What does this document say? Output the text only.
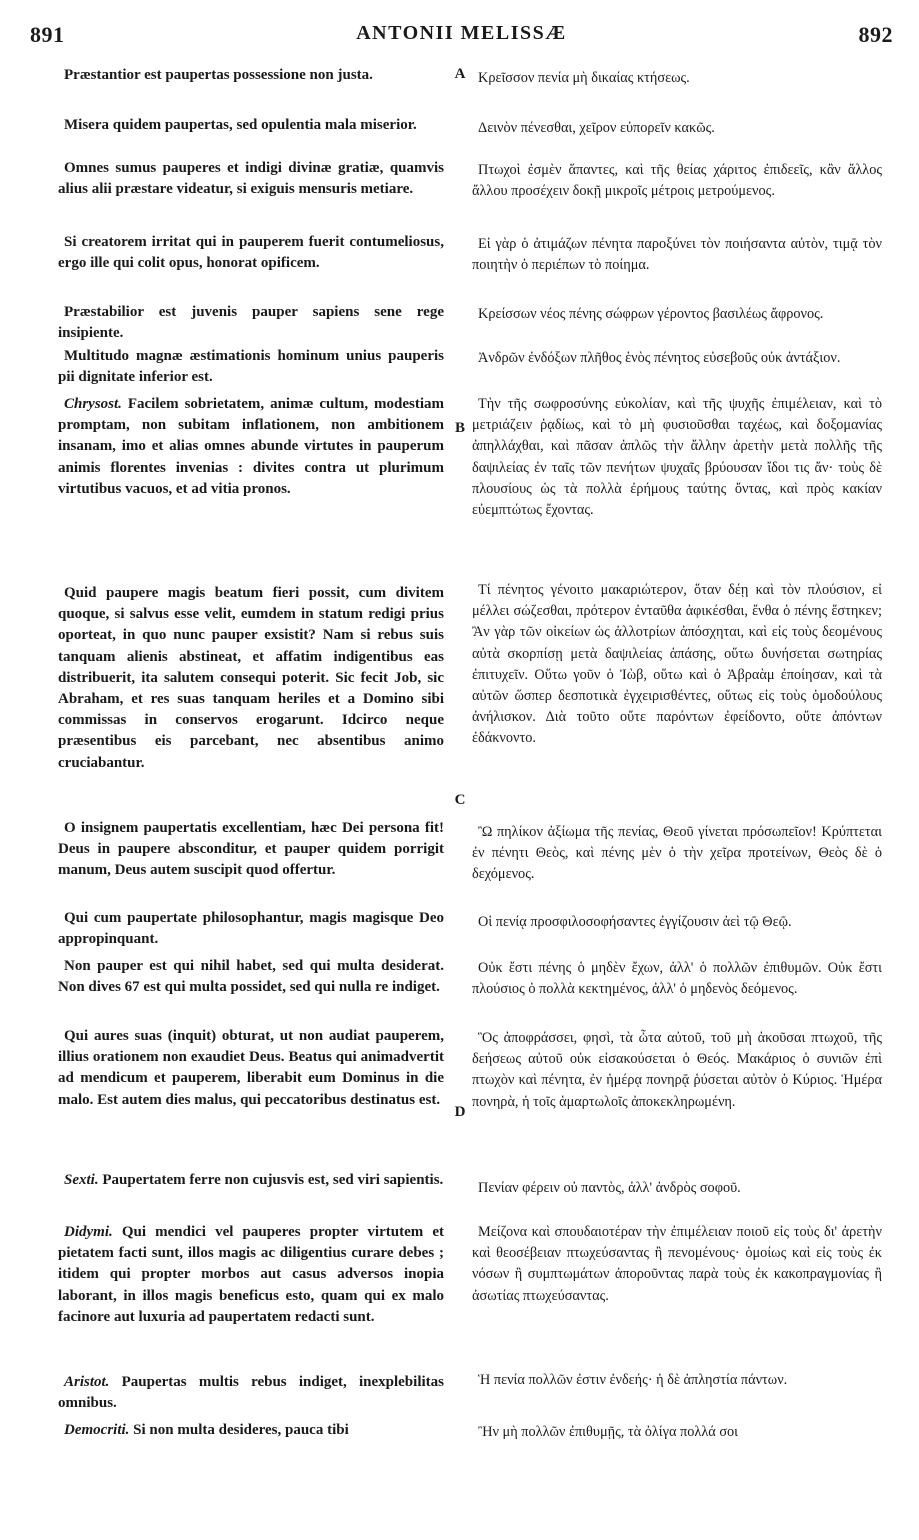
891	ANTONII MELISSÆ	892

Præstantior est paupertas possessione non justa.

Misera quidem paupertas, sed opulentia mala miserior.

Omnes sumus pauperes et indigi divinæ gratiæ, quamvis alius alii præstare videatur, si exiguis mensuris metiare.

Si creatorem irritat qui in pauperem fuerit contumeliosus, ergo ille qui colit opus, honorat opificem.

Præstabilior est juvenis pauper sapiens sene rege insipiente.

Multitudo magnæ æstimationis hominum unius pauperis pii dignitate inferior est.

Chrysost. Facilem sobrietatem, animæ cultum, modestiam promptam, non subitam inflationem, non ambitionem insanam, imo et alias omnes abunde virtutes in pauperum animis florentes invenias : divites contra ut plurimum virtutibus vacuos, et ad vitia pronos.

Quid paupere magis beatum fieri possit, cum divitem quoque, si salvus esse velit, eumdem in statum redigi prius oporteat, in quo nunc pauper exsistit? Nam si rebus suis tanquam alienis abstineat, et affatim indigentibus eas distribuerit, ita salutem consequi poterit. Sic fecit Job, sic Abraham, et res suas tanquam heriles et a Domino sibi commissas in conservos erogarunt. Idcirco neque præsentibus eis parcebant, nec absentibus animo cruciabantur.

O insignem paupertatis excellentiam, hæc Dei persona fit! Deus in paupere absconditur, et pauper quidem porrigit manum, Deus autem suscipit quod offertur.

Qui cum paupertate philosophantur, magis magisque Deo appropinquant.

Non pauper est qui nihil habet, sed qui multa desiderat. Non dives 67 est qui multa possidet, sed qui nulla re indiget.

Qui aures suas (inquit) obturat, ut non audiat pauperem, illius orationem non exaudiet Deus. Beatus qui animadvertit ad mendicum et pauperem, liberabit eum Dominus in die malo. Est autem dies malus, qui peccatoribus destinatus est.

Sexti. Paupertatem ferre non cujusvis est, sed viri sapientis.

Didymi. Qui mendici vel pauperes propter virtutem et pietatem facti sunt, illos magis ac diligentius curare debes ; itidem qui propter morbos aut casus adversos inopia laborant, in illos magis beneficus esto, quam qui ex malo facinore aut luxuria ad paupertatem redacti sunt.

Aristot. Paupertas multis rebus indiget, inexplebilitas omnibus.

Democriti. Si non multa desideres, pauca tibi

A
B
C
D

Κρεῖσσον πενία μὴ δικαίας κτήσεως.

Δεινὸν πένεσθαι, χεῖρον εὐπορεῖν κακῶς.

Πτωχοὶ ἐσμὲν ἅπαντες, καὶ τῆς θείας χάριτος ἐπιδεεῖς, κἂν ἄλλος ἄλλου προσέχειν δοκῇ μικροῖς μέτροις μετρούμενος.

Εἰ γὰρ ὁ ἀτιμάζων πένητα παροξύνει τὸν ποιήσαντα αὐτὸν, τιμᾷ τὸν ποιητὴν ὁ περιέπων τὸ ποίημα.

Κρείσσων νέος πένης σώφρων γέροντος βασιλέως ἄφρονος.

Ἀνδρῶν ἐνδόξων πλῆθος ἑνὸς πένητος εὐσεβοῦς οὐκ ἀντάξιον.

Τὴν τῆς σωφροσύνης εὐκολίαν, καὶ τῆς ψυχῆς ἐπιμέλειαν, καὶ τὸ μετριάζειν ῥᾳδίως, καὶ τὸ μὴ φυσιοῦσθαι ταχέως, καὶ δοξομανίας ἀπηλλάχθαι, καὶ πᾶσαν ἁπλῶς τὴν ἄλλην ἀρετὴν μετὰ πολλῆς τῆς δαψιλείας ἐν ταῖς τῶν πενήτων ψυχαῖς βρύουσαν ἴδοι τις ἄν· τοὺς δὲ πλουσίους ὡς τὰ πολλὰ ἐρήμους ταύτης ὄντας, καὶ πρὸς κακίαν εὐεμπτώτως ἔχοντας.

Τί πένητος γένοιτο μακαριώτερον, ὅταν δέῃ καὶ τὸν πλούσιον, εἰ μέλλει σώζεσθαι, πρότερον ἐνταῦθα ἀφικέσθαι, ἔνθα ὁ πένης ἕστηκεν; Ἂν γὰρ τῶν οἰκείων ὡς ἀλλοτρίων ἀπόσχηται, καὶ εἰς τοὺς δεομένους αὐτὰ σκορπίσῃ μετὰ δαψιλείας ἁπάσης, οὕτω δυνήσεται σωτηρίας ἐπιτυχεῖν. Οὕτω γοῦν ὁ Ἰὼβ, οὕτω καὶ ὁ Ἀβραὰμ ἐποίησαν, καὶ τὰ αὐτῶν ὥσπερ δεσποτικὰ ἐγχειρισθέντες, οὕτως εἰς τοὺς ὁμοδούλους ἀνήλισκον. Διὰ τοῦτο οὔτε παρόντων ἐφείδοντο, οὔτε ἀπόντων ἐδάκνοντο.

Ὢ πηλίκον ἀξίωμα τῆς πενίας, Θεοῦ γίνεται πρόσωπεῖον! Κρύπτεται ἐν πένητι Θεὸς, καὶ πένης μὲν ὁ τὴν χεῖρα προτείνων, Θεὸς δὲ ὁ δεχόμενος.

Οἱ πενίᾳ προσφιλοσοφήσαντες ἐγγίζουσιν ἀεὶ τῷ Θεῷ.

Οὐκ ἔστι πένης ὁ μηδὲν ἔχων, ἀλλ' ὁ πολλῶν ἐπιθυμῶν. Οὐκ ἔστι πλούσιος ὁ πολλὰ κεκτημένος, ἀλλ' ὁ μηδενὸς δεόμενος.

Ὃς ἀποφράσσει, φησὶ, τὰ ὦτα αὐτοῦ, τοῦ μὴ ἀκοῦσαι πτωχοῦ, τῆς δεήσεως αὐτοῦ οὐκ εἰσακούσεται ὁ Θεός. Μακάριος ὁ συνιῶν ἐπὶ πτωχὸν καὶ πένητα, ἐν ἡμέρᾳ πονηρᾷ ῥύσεται αὐτὸν ὁ Κύριος. Ἡμέρα πονηρὰ, ἡ τοῖς ἁμαρτωλοῖς ἀποκεκληρωμένη.

Πενίαν φέρειν οὐ παντὸς, ἀλλ' ἀνδρὸς σοφοῦ.

Μείζονα καὶ σπουδαιοτέραν τὴν ἐπιμέλειαν ποιοῦ εἰς τοὺς δι' ἀρετὴν καὶ θεοσέβειαν πτωχεύσαντας ἢ πενομένους· ὁμοίως καὶ εἰς τοὺς ἐκ νόσων ἢ συμπτωμάτων ἀποροῦντας παρὰ τοὺς ἐκ κακοπραγμονίας ἢ ἀσωτίας πτωχεύσαντας.

Ἡ πενία πολλῶν ἐστιν ἐνδεής· ἡ δὲ ἀπληστία πάντων.

Ἢν μὴ πολλῶν ἐπιθυμῇς, τὰ ὀλίγα πολλά σοι
